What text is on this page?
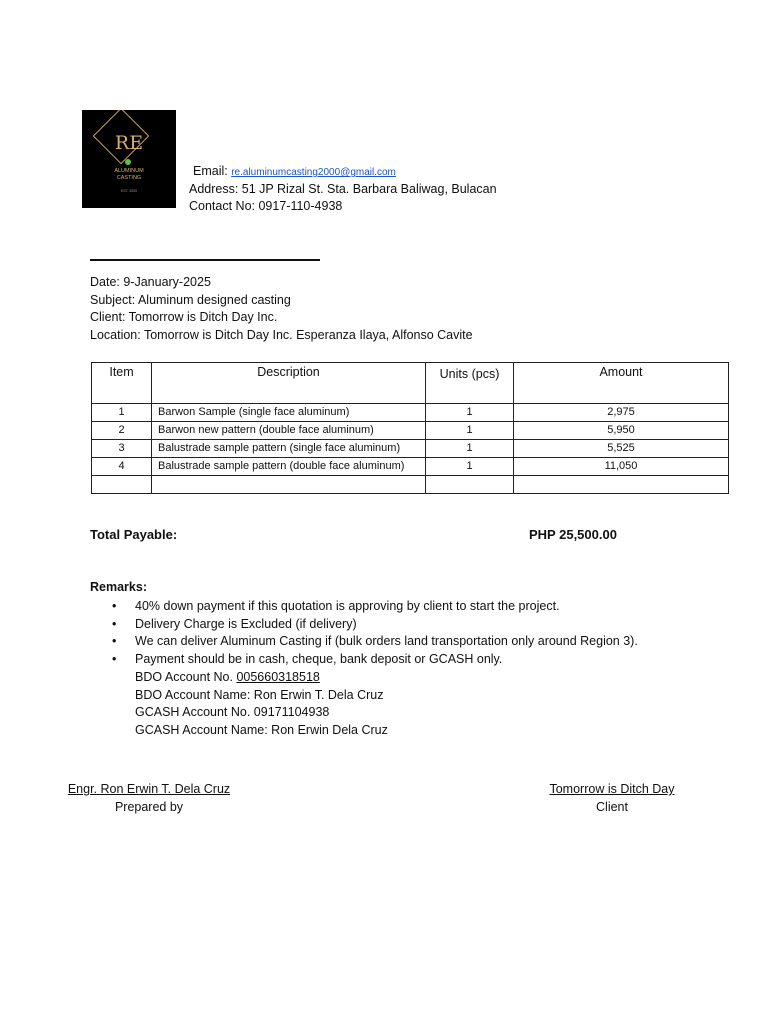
RE
ALUMINUM
CASTING
EST. 2000
Email: re.aluminumcasting2000@gmail.com
Address: 51 JP Rizal St. Sta. Barbara Baliwag, Bulacan
Contact No: 0917-110-4938
Date: 9-January-2025
Subject: Aluminum designed casting
Client: Tomorrow is Ditch Day Inc.
Location: Tomorrow is Ditch Day Inc. Esperanza Ilaya, Alfonso Cavite
Item	Description	Units (pcs)	Amount
1	Barwon Sample (single face aluminum)	1	2,975
2	Barwon new pattern (double face aluminum)	1	5,950
3	Balustrade sample pattern (single face aluminum)	1	5,525
4	Balustrade sample pattern (double face aluminum)	1	11,050

Total Payable:	PHP 25,500.00
Remarks:
• 40% down payment if this quotation is approving by client to start the project.
• Delivery Charge is Excluded (if delivery)
• We can deliver Aluminum Casting if (bulk orders land transportation only around Region 3).
• Payment should be in cash, cheque, bank deposit or GCASH only.
BDO Account No. 005660318518
BDO Account Name: Ron Erwin T. Dela Cruz
GCASH Account No. 09171104938
GCASH Account Name: Ron Erwin Dela Cruz
Engr. Ron Erwin T. Dela Cruz
Prepared by
Tomorrow is Ditch Day
Client
